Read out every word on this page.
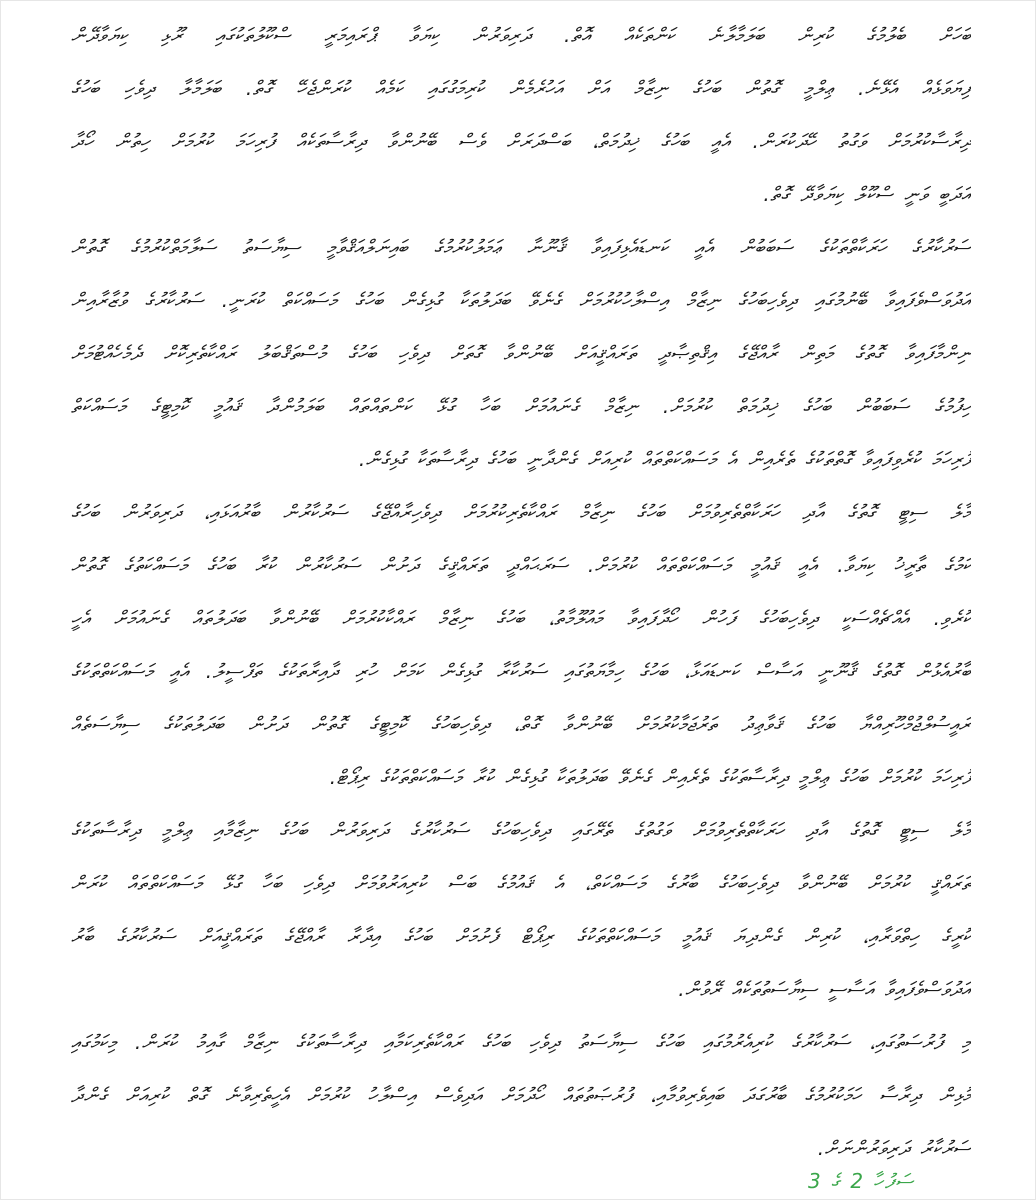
ބަހަށް ބެލުމުގެ ކުރިން ބަލަމާލާނެ ކަންތަކެއް އޮތް. ދަރިވަރުން ކިޔަވާ ޕްރައިމަރީ ސްކޫލުތަކުގައި ރޫޅި ކިޔަވާދޭން
ފިޔަވަޅެއް އެޅޭނެ. ޢިލްމީ ގޮތުން ބަހުގެ ނިޒާމް އަށް އަހުރެމެން ކުރިމަގުގައި ކަމެއް ކުރަންޖެހޭ ގޮތް. ބަލަމާލާ ދިވެހި ބަހުގެ
ދިރާސާކުރުމަށް ވަގުތު ހޭދަކުރަން. އެއީ ބަހުގެ ޚިދުމަތް، ބަސްދަރަށް ވެސް ބޭނުންވާ ދިރާސާތަކެއް ފުރިހަމަ ކުރުމަށް ހިތުން ހޯދާ
އަދަބީ ވަނީ ސްކޫލް ކިޔަވާދޭ ގޮތް.
ސަރުކާރުގެ ހަރަކާތްތަކުގެ ސަބަބުން އެއީ ކަނޑައެޅިފައިވާ ޤާނޫނާ ޢަމަލުކުރުމުގެ ބައިނަލްއަޤްވާމީ ސިޔާސަތު ސަލާމަތްކުރުމުގެ ގޮތުން
އަދުވަސްވެފައިވާ ބޭނުމުގައި ދިވެހިބަހުގެ ނިޒާމް އިސްލާހުކުރުމަށް ގެނެވޭ ބަދަލުތަކާ ގުޅިގެން ބަހުގެ މަސައްކަތް ކުރަނީ. ސަރުކާރުގެ ވުޒާރާއިން
ނިންމާފައިވާ ގޮތުގެ މަތިން ރާއްޖޭގެ އިޤްތިޞާދީ ތަރައްޤީއަށް ބޭނުންވާ ގޮތަށް ދިވެހި ބަހުގެ މުސްތަޤްބަލު ރައްކާތެރިކޮށް ދެމެހެއްޓުމަށް
ހިފުމުގެ ސަބަބުން ބަހުގެ ޚިދުމަތް ކުރުމަށް. ނިޒާމް ގެނައުމަށް ބަހާ ގުޅޭ ކަންތައްތައް ބަލަމުންދާ ޤައުމީ ކޮމިޓީގެ މަސައްކަތް
ފުރިހަމަ ކުރެވިފައިވާ ގޮތްތަކުގެ ތެރެއިން އެ މަސައްކަތްތައް ކުރިއަށް ގެންދާނީ ބަހުގެ ދިރާސާތަކާ ގުޅިގެން.
މާލެ ސިޓީ ގޮތުގެ އާދި ހަރަކާތްތެރިވުމަށް ބަހުގެ ނިޒާމް ރައްކާތެރިކުރުމަށް ދިވެހިރާއްޖޭގެ ސަރުކާރުން ބާރުއަޅައި، ދަރިވަރުން ބަހުގެ
ކަމުގެ ތާރީޚު ކިޔަވާ. އެއީ ޤައުމީ މަސައްކަތްތައް ކުރުމަށް. ސަރަޙައްދީ ތަރައްޤީގެ ދަށުން ސަރުކާރުން ކުރާ ބަހުގެ މަސައްކަތުގެ ގޮތުން
ކުރެވި. އެއްޗެއްސަކީ ދިވެހިބަހުގެ ފަހުން ހޯދާފައިވާ މައުލޫމާތު، ބަހުގެ ނިޒާމް ރައްކާކުރުމަށް ބޭނުންވާ ބަދަލުތައް ގެނައުމަށް އެހީ
ބާރުއެޅުން ގޮތުގެ ޤާނޫނީ އަސާސް ކަނޑައަޅާ، ބަހުގެ ހިމާޔަތުގައި ސަރުކާރާ ގުޅިގެން ކަމަށް ހުރި ދާއިރާތަކުގެ ތަފްސީލު. އެއީ މަސައްކަތްތަކުގެ
ރައީސުލްޖުމްހޫރިއްޔާ ބަހުގެ ޤަވާޢިދު ތަރުޖަމާކުރުމަށް ބޭނުންވާ ގޮތް، ދިވެހިބަހުގެ ކޮމިޓީގެ ގޮތުން ދަށުން ބަދަލުތަކުގެ ސިޔާސަތެއް
ފުރިހަމަ ކުރުމަށް ބަހުގެ ޢިލްމީ ދިރާސާތަކުގެ ތެރެއިން ގެނެވޭ ބަދަލުތަކާ ގުޅިގެން ކުރާ މަސައްކަތްތަކުގެ ރިޕޯޓް.
މާލެ ސިޓީ ގޮތުގެ އާދި ހަރަކާތްތެރިވުމަށް ވަގުތުގެ ތެރޭގައި ދިވެހިބަހުގެ ސަރުކާރުގެ ދަރިވަރުން ބަހުގެ ނިޒާމާއި ޢިލްމީ ދިރާސާތަކުގެ
ތަރައްޤީ ކުރުމަށް ބޭނުންވާ ދިވެހިބަހުގެ ބާރުގެ މަސައްކަތް، އެ ޤައުމުގެ ބަސް ކުރިއަރުވުމަށް ދިވެހި ބަހާ ގުޅޭ މަސައްކަތްތައް ކުރަން
ކުރީގެ ހިތްވަރާއި، ކުރިން ގެންދިޔަ ޤައުމީ މަސައްކަތްތަކުގެ ރިޕޯޓް ފެށުމަށް ބަހުގެ އިދާރާ ރާއްޖޭގެ ތަރައްޤީއަށް ސަރުކާރުގެ ބާރު
އަދުވަސްވެފައިވާ އަސާސީ ސިޔާސަތުތަކެއް ރޭވުން.
މި ފުރުސަތުގައި، ސަރުކާރުގެ ކުރިއެރުމުގައި ބަހުގެ ސިޔާސަތު ދިވެހި ބަހުގެ ރައްކާތެރިކަމާއި ދިރާސާތަކުގެ ނިޒާމް ގާއިމު ކުރަން. މިކަމުގައި
މުޅިން ދިރާސާ ހަމަކުރުމުގެ ބާރުގަދަ ބައިވެރިވުމާއި، ފުރުޞަތުތައް ހޯދުމަށް އަދިވެސް އިސްލާހު ކުރުމަށް އެހީތެރިވާނެ ގޮތް ކުރިއަށް ގެންދާ
ސަރުކާރު ދަރިވަރުންނަށް.
ސަފުހާ 2 ގެ 3
